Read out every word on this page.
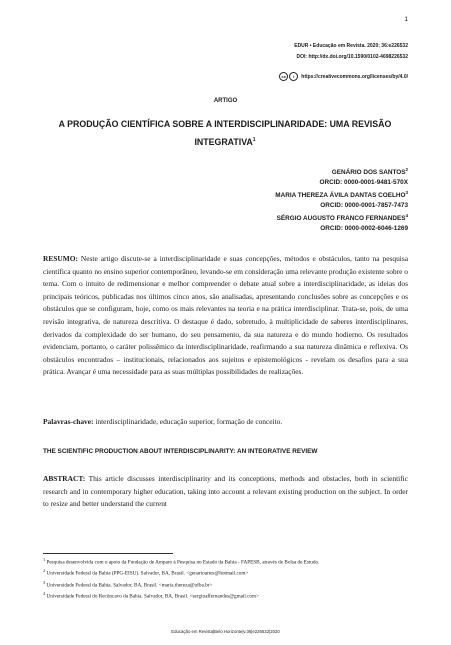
1
EDUR • Educação em Revista. 2020; 36:e226532
DOI: http://dx.doi.org/10.1590/0102-4698226532
cc	i	https://creativecommons.org/licenses/by/4.0/
ARTIGO
A PRODUÇÃO CIENTÍFICA SOBRE A INTERDISCIPLINARIDADE: UMA REVISÃO INTEGRATIVA$^1$
GENÁRIO DOS SANTOS$^2$
ORCID: 0000-0001-9481-570X
MARIA THEREZA ÁVILA DANTAS COELHO$^3$
ORCID: 0000-0001-7857-7473
SÉRGIO AUGUSTO FRANCO FERNANDES$^4$
ORCID: 0000-0002-6046-1269
RESUMO: Neste artigo discute-se a interdisciplinaridade e suas concepções, métodos e obstáculos, tanto na pesquisa científica quanto no ensino superior contemporâneo, levando-se em consideração uma relevante produção existente sobre o tema. Com o intuito de redimensionar e melhor compreender o debate atual sobre a interdisciplinaridade, as ideias dos principais teóricos, publicadas nos últimos cinco anos, são analisadas, apresentando conclusões sobre as concepções e os obstáculos que se configuram, hoje, como os mais relevantes na teoria e na prática interdisciplinar. Trata-se, pois, de uma revisão integrativa, de natureza descritiva. O destaque é dado, sobretudo, à multiplicidade de saberes interdisciplinares, derivados da complexidade do ser humano, do seu pensamento, da sua natureza e do mundo hodierno. Os resultados evidenciam, portanto, o caráter polissêmico da interdisciplinaridade, reafirmando a sua natureza dinâmica e reflexiva. Os obstáculos encontrados – institucionais, relacionados aos sujeitos e epistemológicos - revelam os desafios para a sua prática. Avançar é uma necessidade para as suas múltiplas possibilidades de realizações.
Palavras-chave: interdisciplinaridade, educação superior, formação de conceito.
THE SCIENTIFIC PRODUCTION ABOUT INTERDISCIPLINARITY: AN INTEGRATIVE REVIEW
ABSTRACT: This article discusses interdisciplinarity and its conceptions, methods and obstacles, both in scientific research and in contemporary higher education, taking into account a relevant existing production on the subject. In order to resize and better understand the current
$^1$ Pesquisa desenvolvida com o apoio da Fundação de Amparo à Pesquisa no Estado da Bahia - FAPESB, através de Bolsa de Estudo.
$^2$ Universidade Federal da Bahia (PPG-EISU). Salvador, BA, Brasil. <genarioartes@hotmail.com>
$^3$ Universidade Federal da Bahia. Salvador, BA, Brasil. <maria.thereza@ufba.br>
$^4$ Universidade Federal do Recôncavo da Bahia. Salvador, BA, Brasil. <sergioaffernandes@gmail.com>
Educação em Revista|Belo Horizonte|v.36|e226532|2020
